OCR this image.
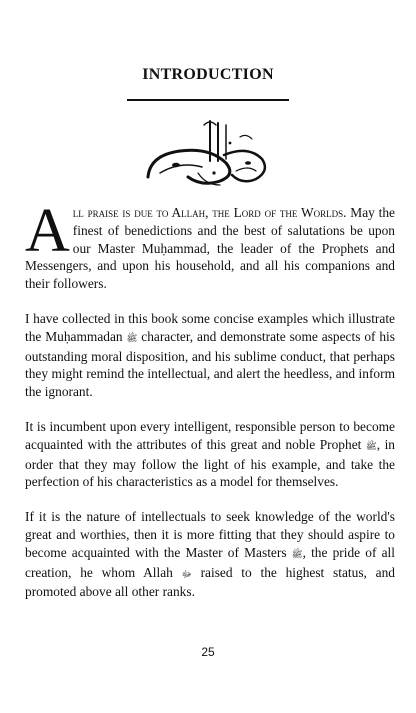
INTRODUCTION

All praise is due to Allah, the Lord of the Worlds. May the finest of benedictions and the best of salutations be upon our Master Muḥammad, the leader of the Prophets and Messengers, and upon his household, and all his companions and their followers.

I have collected in this book some concise examples which illustrate the Muḥammadan ﷺ character, and demonstrate some aspects of his outstanding moral disposition, and his sublime conduct, that perhaps they might remind the intellectual, and alert the heedless, and inform the ignorant.

It is incumbent upon every intelligent, responsible person to become acquainted with the attributes of this great and noble Prophet ﷺ, in order that they may follow the light of his example, and take the perfection of his characteristics as a model for themselves.

If it is the nature of intellectuals to seek knowledge of the world's great and worthies, then it is more fitting that they should aspire to become acquainted with the Master of Masters ﷺ, the pride of all creation, he whom Allah ﷻ raised to the highest status, and promoted above all other ranks.

25
